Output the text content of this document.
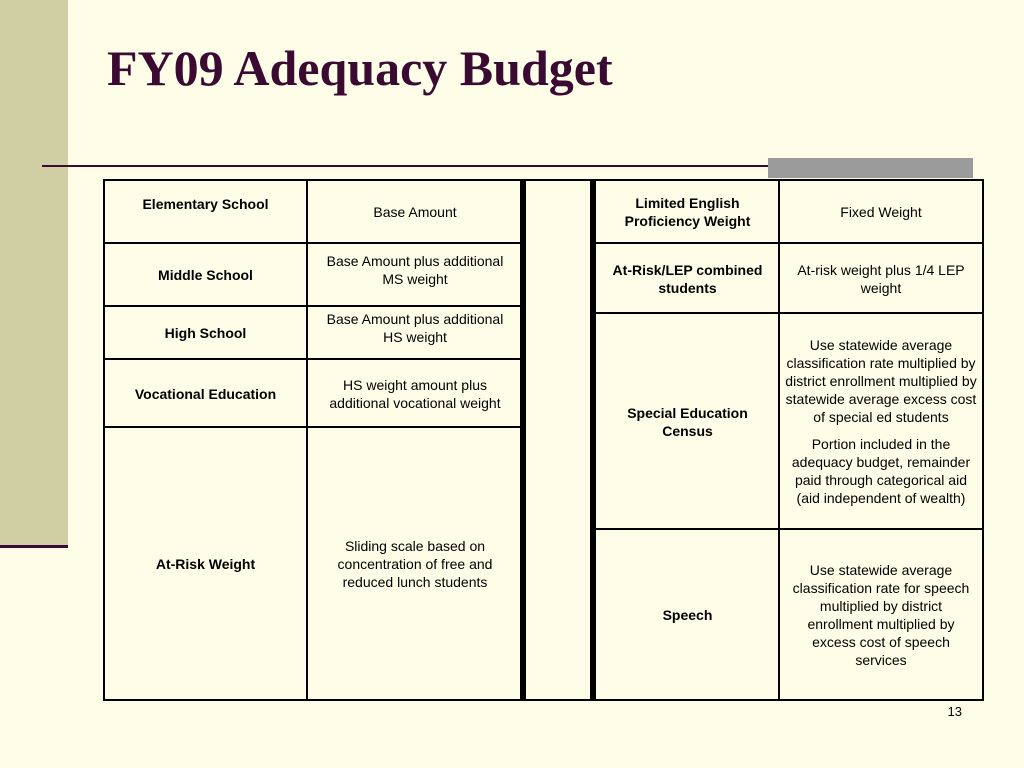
FY09 Adequacy Budget
Elementary School	Base Amount
Middle School
Base Amount plus additional MS weight
High School
Base Amount plus additional HS weight
Vocational Education
HS weight amount plus additional vocational weight
At-Risk Weight
Sliding scale based on concentration of free and reduced lunch students
Limited English Proficiency Weight
Fixed Weight
At-Risk/LEP combined students
At-risk weight plus 1/4 LEP weight
Special Education Census

Use statewide average classification rate multiplied by district enrollment multiplied by statewide average excess cost of special ed students

Portion included in the adequacy budget, remainder paid through categorical aid (aid independent of wealth)

Speech
Use statewide average classification rate for speech multiplied by district enrollment multiplied by excess cost of speech services
13
